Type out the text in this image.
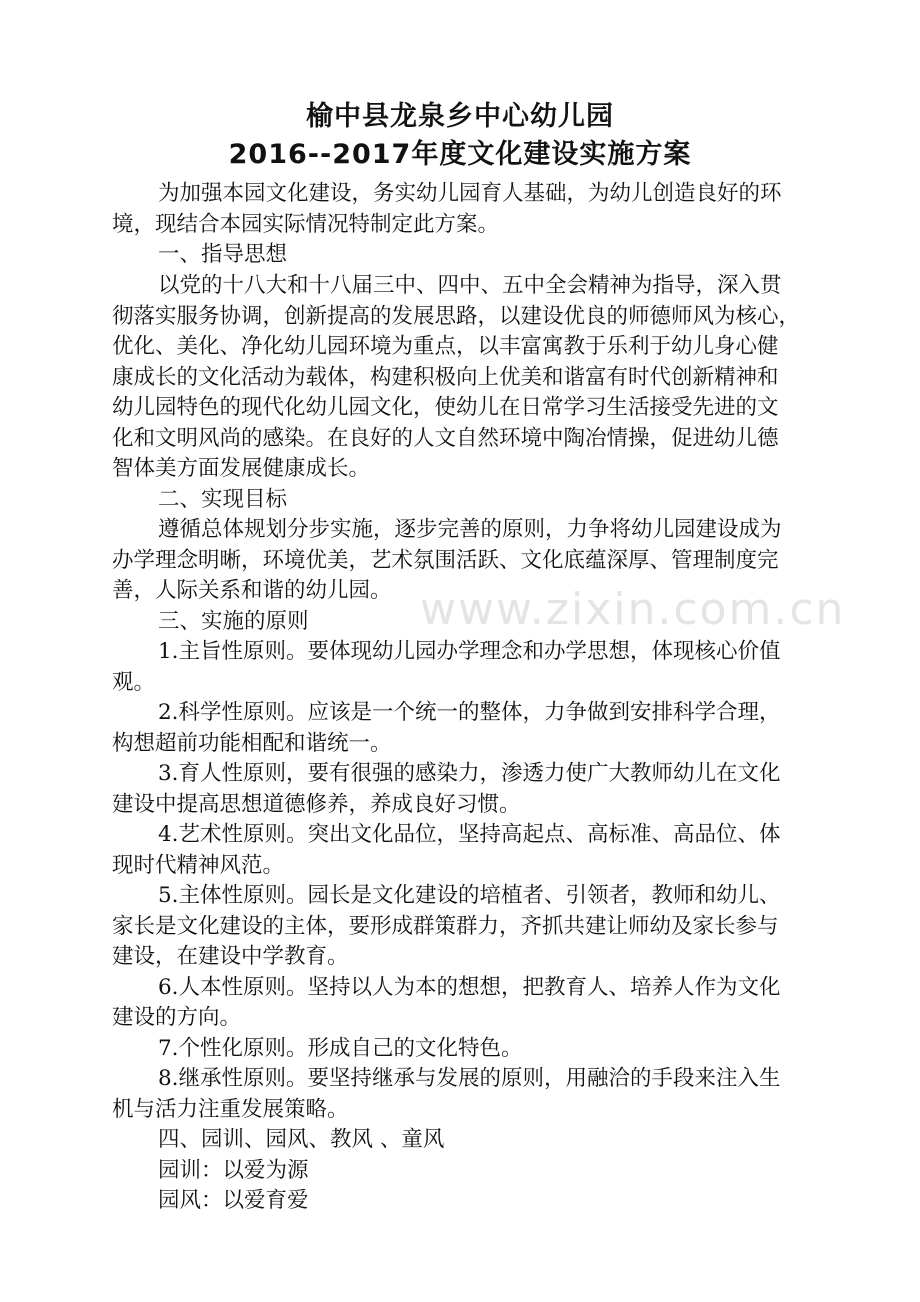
www.zixin.com.cn
榆中县龙泉乡中心幼儿园
2016--2017年度文化建设实施方案
为加强本园文化建设，务实幼儿园育人基础，为幼儿创造良好的环
境，现结合本园实际情况特制定此方案。
一、指导思想
以党的十八大和十八届三中、四中、五中全会精神为指导，深入贯
彻落实服务协调，创新提高的发展思路，以建设优良的师德师风为核心，
优化、美化、净化幼儿园环境为重点，以丰富寓教于乐利于幼儿身心健
康成长的文化活动为载体，构建积极向上优美和谐富有时代创新精神和
幼儿园特色的现代化幼儿园文化，使幼儿在日常学习生活接受先进的文
化和文明风尚的感染。在良好的人文自然环境中陶冶情操，促进幼儿德
智体美方面发展健康成长。
二、实现目标
遵循总体规划分步实施，逐步完善的原则，力争将幼儿园建设成为
办学理念明晰，环境优美，艺术氛围活跃、文化底蕴深厚、管理制度完
善，人际关系和谐的幼儿园。
三、实施的原则
1.主旨性原则。要体现幼儿园办学理念和办学思想，体现核心价值
观。
2.科学性原则。应该是一个统一的整体，力争做到安排科学合理，
构想超前功能相配和谐统一。
3.育人性原则，要有很强的感染力，渗透力使广大教师幼儿在文化
建设中提高思想道德修养，养成良好习惯。
4.艺术性原则。突出文化品位，坚持高起点、高标准、高品位、体
现时代精神风范。
5.主体性原则。园长是文化建设的培植者、引领者，教师和幼儿、
家长是文化建设的主体，要形成群策群力，齐抓共建让师幼及家长参与
建设，在建设中学教育。
6.人本性原则。坚持以人为本的想想，把教育人、培养人作为文化
建设的方向。
7.个性化原则。形成自己的文化特色。
8.继承性原则。要坚持继承与发展的原则，用融洽的手段来注入生
机与活力注重发展策略。
四、园训、园风、教风 、童风
园训：以爱为源
园风：以爱育爱
